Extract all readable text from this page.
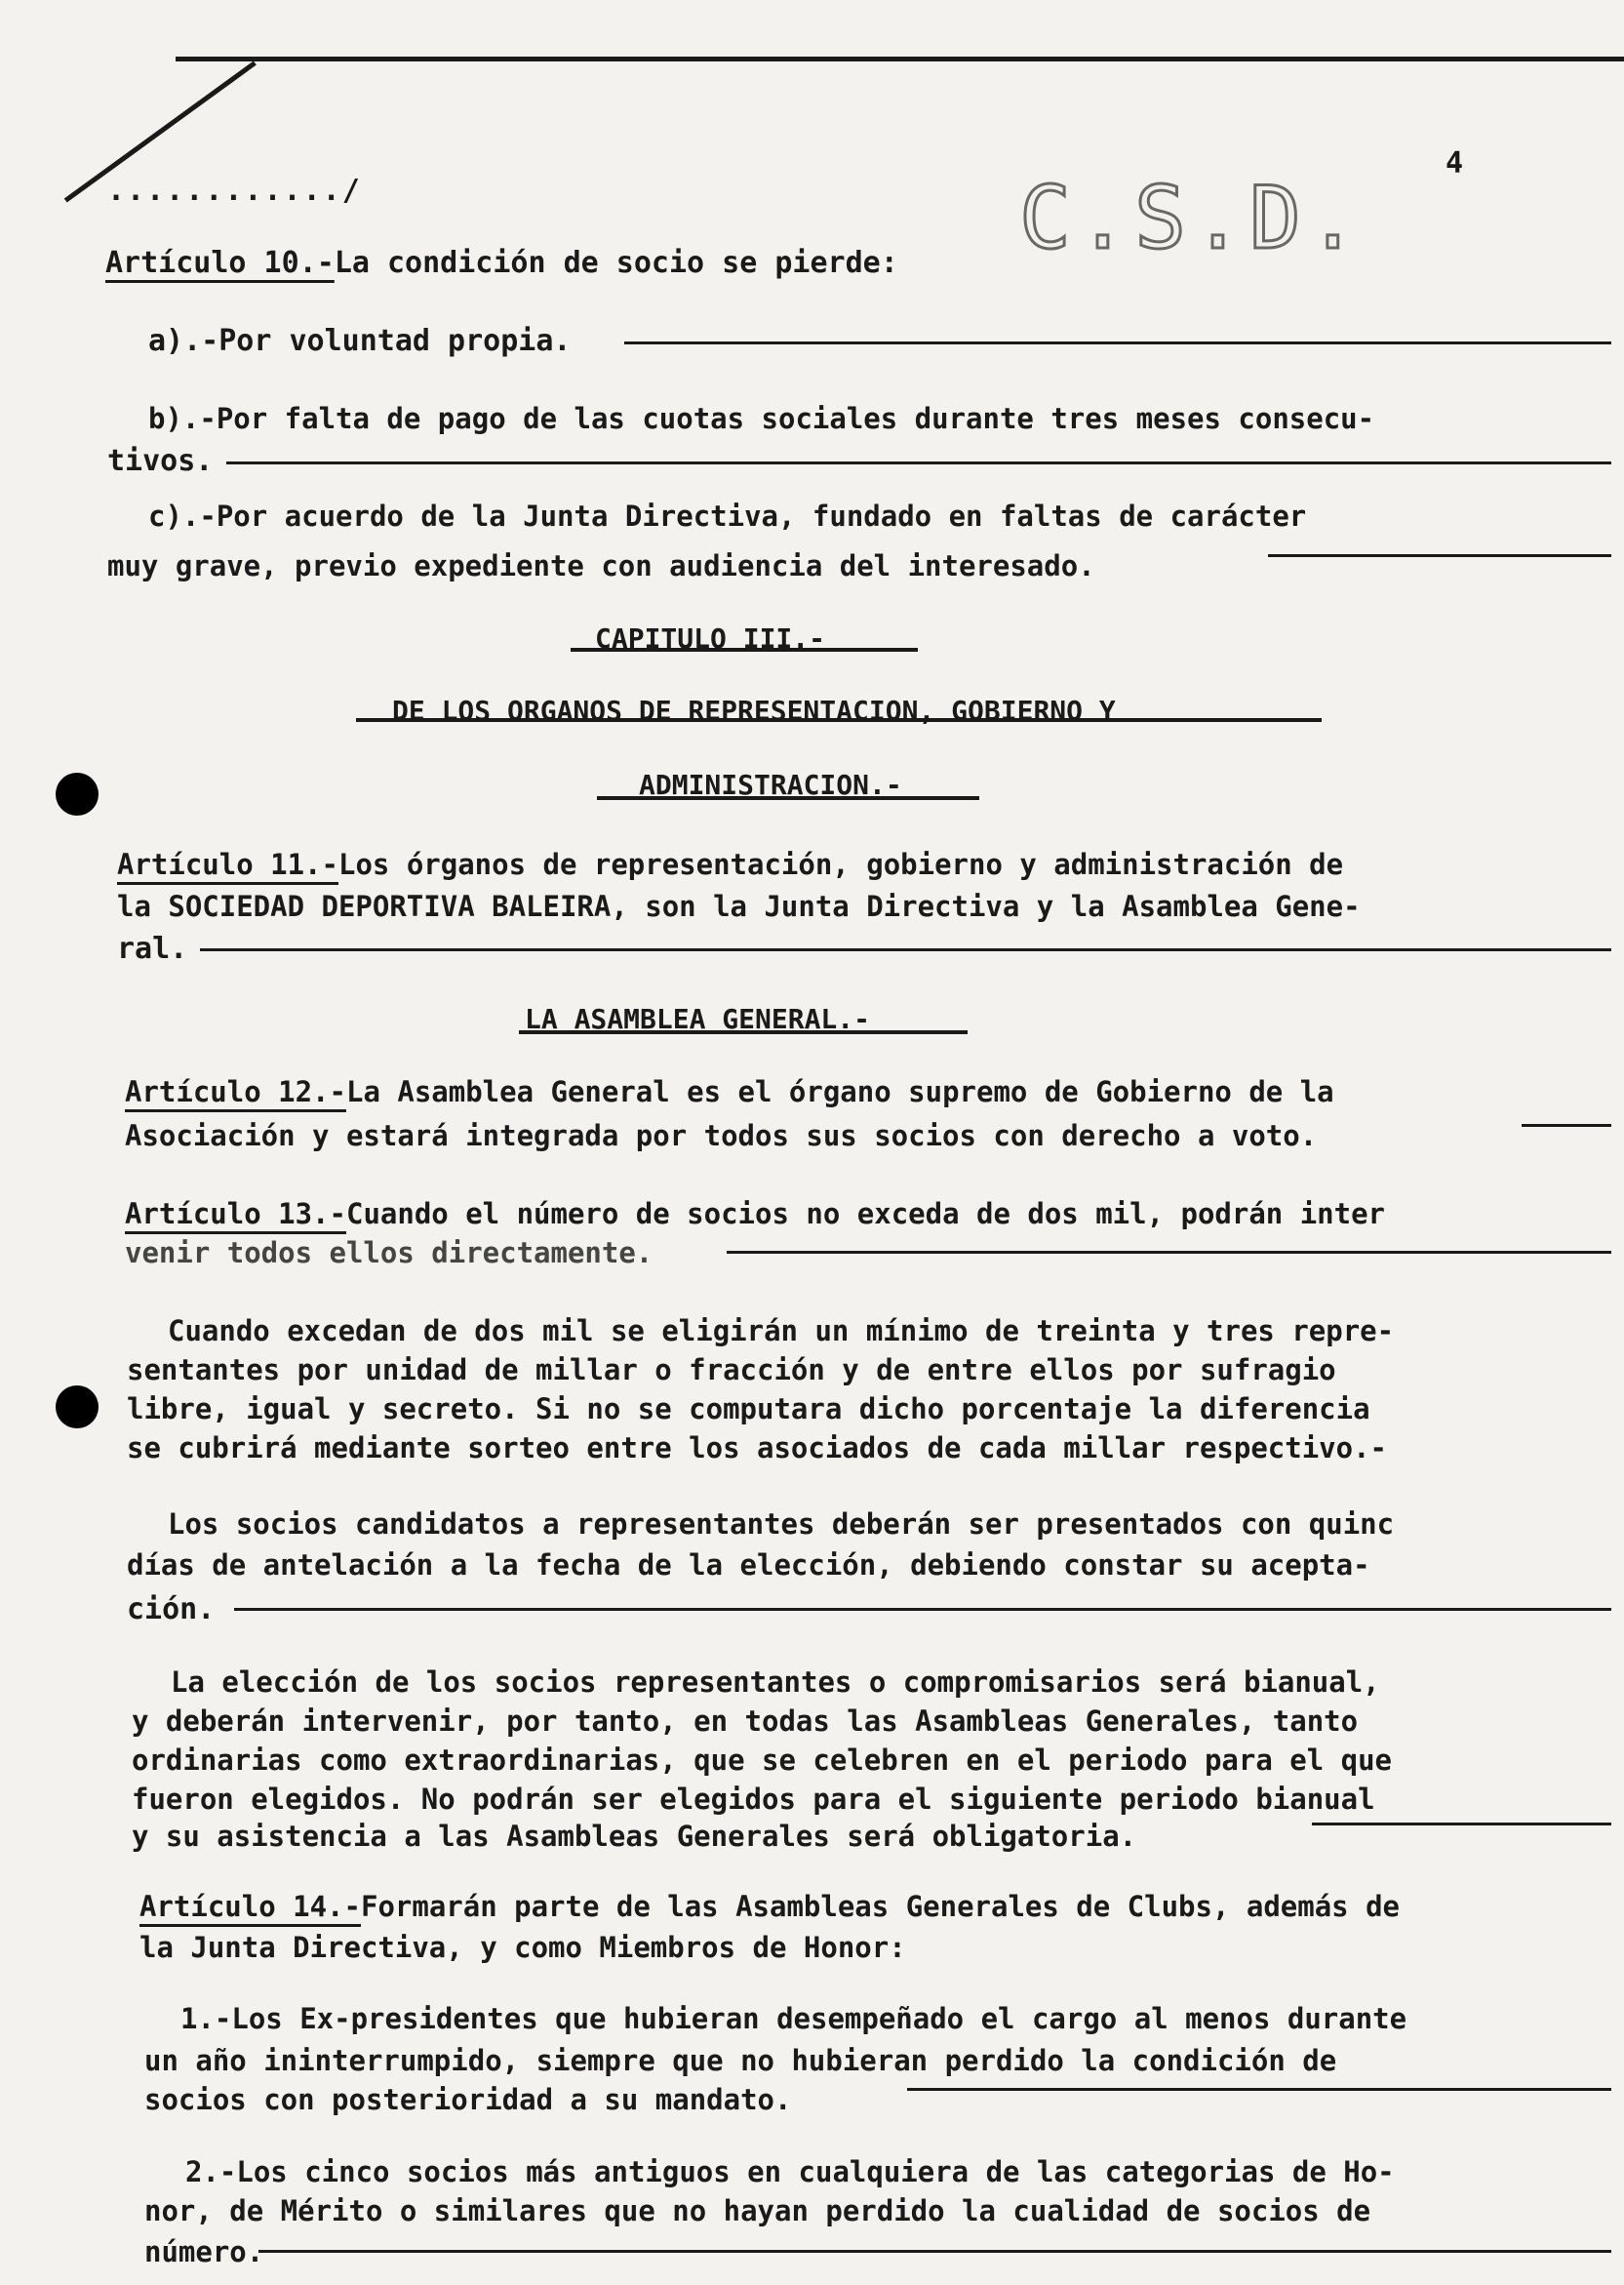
4
C.S.D.
............/
Artículo 10.-La condición de socio se pierde:
a).-Por voluntad propia.
b).-Por falta de pago de las cuotas sociales durante tres meses consecu-
tivos.
c).-Por acuerdo de la Junta Directiva, fundado en faltas de carácter
muy grave, previo expediente con audiencia del interesado.
CAPITULO III.-
DE LOS ORGANOS DE REPRESENTACION, GOBIERNO Y
ADMINISTRACION.-
Artículo 11.-Los órganos de representación, gobierno y administración de
la SOCIEDAD DEPORTIVA BALEIRA, son la Junta Directiva y la Asamblea Gene-
ral.
LA ASAMBLEA GENERAL.-
Artículo 12.-La Asamblea General es el órgano supremo de Gobierno de la
Asociación y estará integrada por todos sus socios con derecho a voto.
Artículo 13.-Cuando el número de socios no exceda de dos mil, podrán inter
venir todos ellos directamente.
Cuando excedan de dos mil se eligirán un mínimo de treinta y tres repre-
sentantes por unidad de millar o fracción y de entre ellos por sufragio
libre, igual y secreto. Si no se computara dicho porcentaje la diferencia
se cubrirá mediante sorteo entre los asociados de cada millar respectivo.-
Los socios candidatos a representantes deberán ser presentados con quinc
días de antelación a la fecha de la elección, debiendo constar su acepta-
ción.
La elección de los socios representantes o compromisarios será bianual,
y deberán intervenir, por tanto, en todas las Asambleas Generales, tanto
ordinarias como extraordinarias, que se celebren en el periodo para el que
fueron elegidos. No podrán ser elegidos para el siguiente periodo bianual
y su asistencia a las Asambleas Generales será obligatoria.
Artículo 14.-Formarán parte de las Asambleas Generales de Clubs, además de
la Junta Directiva, y como Miembros de Honor:
1.-Los Ex-presidentes que hubieran desempeñado el cargo al menos durante
un año ininterrumpido, siempre que no hubieran perdido la condición de
socios con posterioridad a su mandato.
2.-Los cinco socios más antiguos en cualquiera de las categorias de Ho-
nor, de Mérito o similares que no hayan perdido la cualidad de socios de
número.
